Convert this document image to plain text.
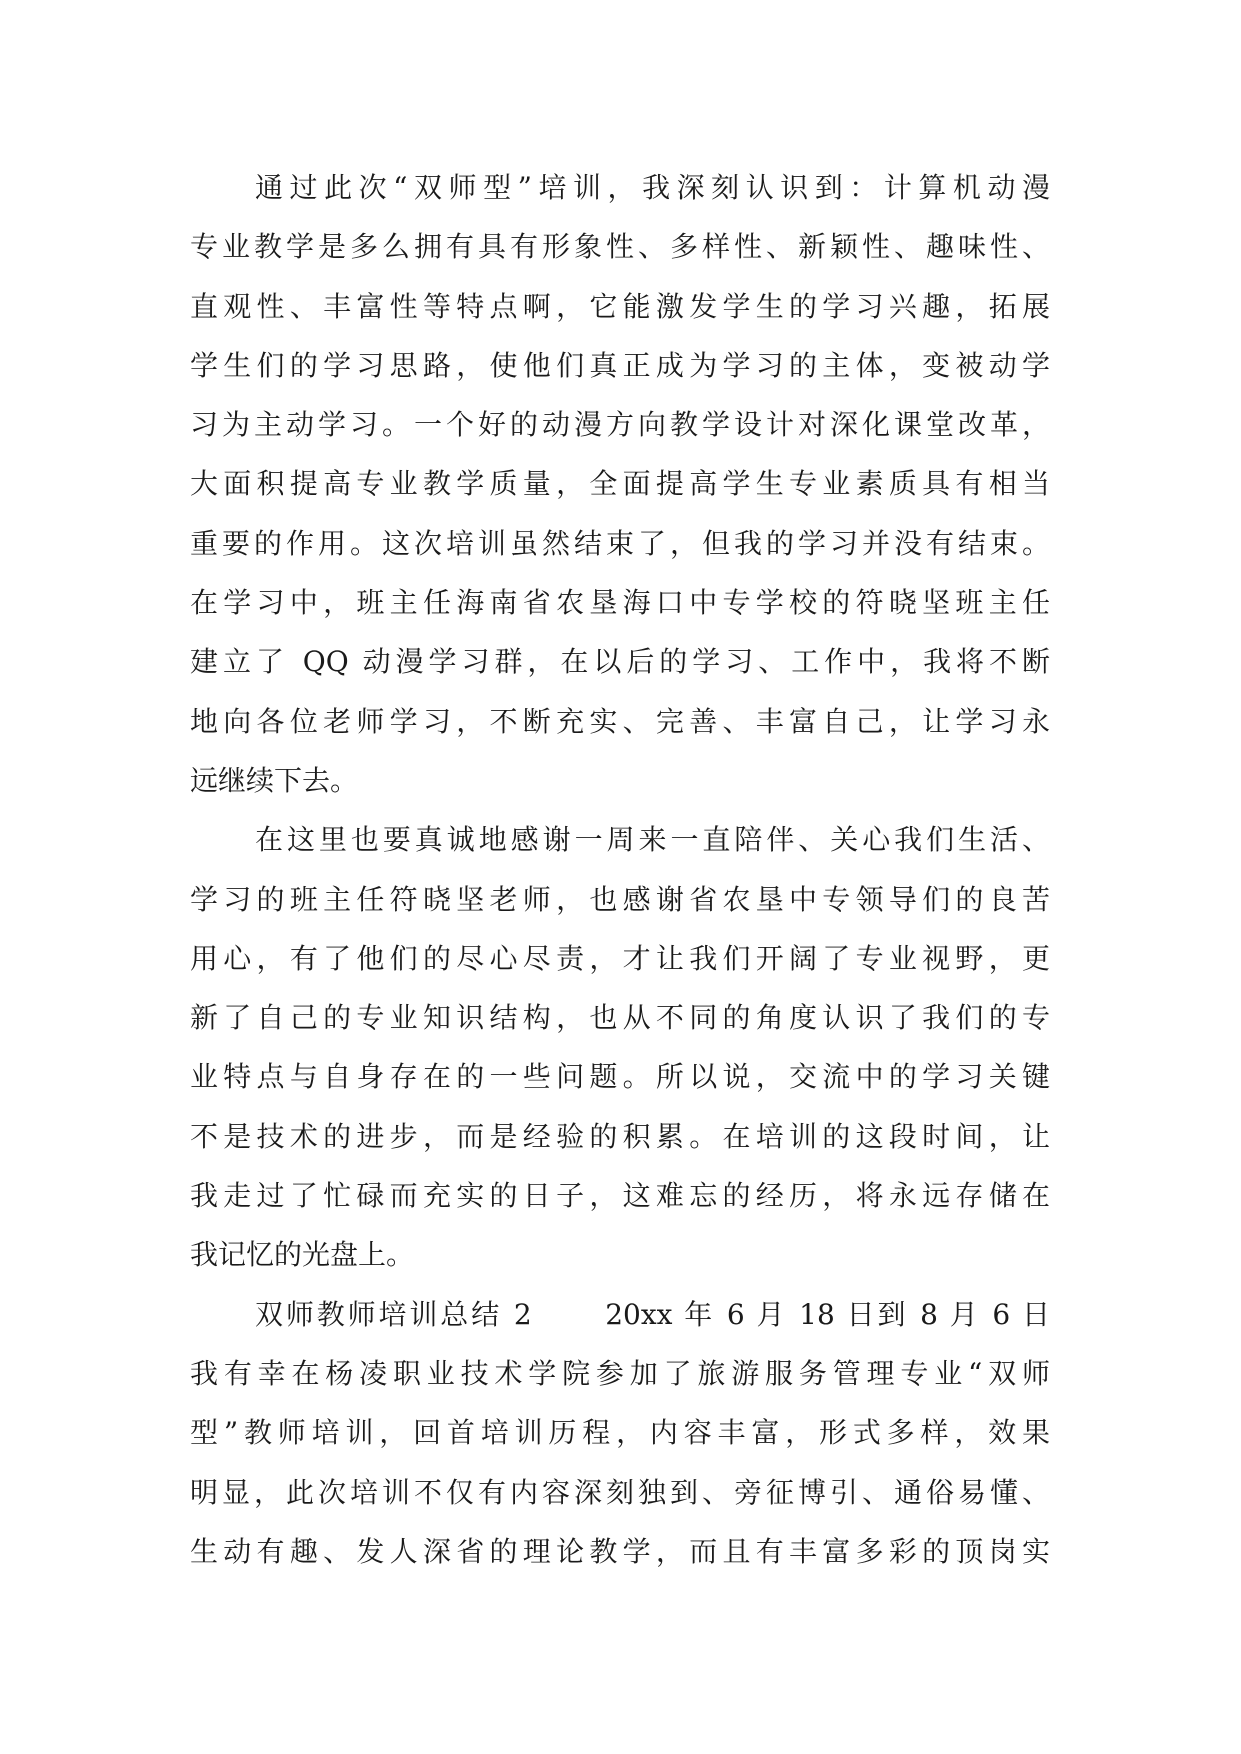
通过此次“双师型”培训，我深刻认识到：计算机动漫
专业教学是多么拥有具有形象性、多样性、新颖性、趣味性、
直观性、丰富性等特点啊，它能激发学生的学习兴趣，拓展
学生们的学习思路，使他们真正成为学习的主体，变被动学
习为主动学习。一个好的动漫方向教学设计对深化课堂改革，
大面积提高专业教学质量，全面提高学生专业素质具有相当
重要的作用。这次培训虽然结束了，但我的学习并没有结束。
在学习中，班主任海南省农垦海口中专学校的符晓坚班主任
建立了 QQ 动漫学习群，在以后的学习、工作中，我将不断
地向各位老师学习，不断充实、完善、丰富自己，让学习永
远继续下去。
在这里也要真诚地感谢一周来一直陪伴、关心我们生活、
学习的班主任符晓坚老师，也感谢省农垦中专领导们的良苦
用心，有了他们的尽心尽责，才让我们开阔了专业视野，更
新了自己的专业知识结构，也从不同的角度认识了我们的专
业特点与自身存在的一些问题。所以说，交流中的学习关键
不是技术的进步，而是经验的积累。在培训的这段时间，让
我走过了忙碌而充实的日子，这难忘的经历，将永远存储在
我记忆的光盘上。
双师教师培训总结 2 　　20xx 年 6 月 18 日到 8 月 6 日
我有幸在杨凌职业技术学院参加了旅游服务管理专业“双师
型”教师培训，回首培训历程，内容丰富，形式多样，效果
明显，此次培训不仅有内容深刻独到、旁征博引、通俗易懂、
生动有趣、发人深省的理论教学，而且有丰富多彩的顶岗实
